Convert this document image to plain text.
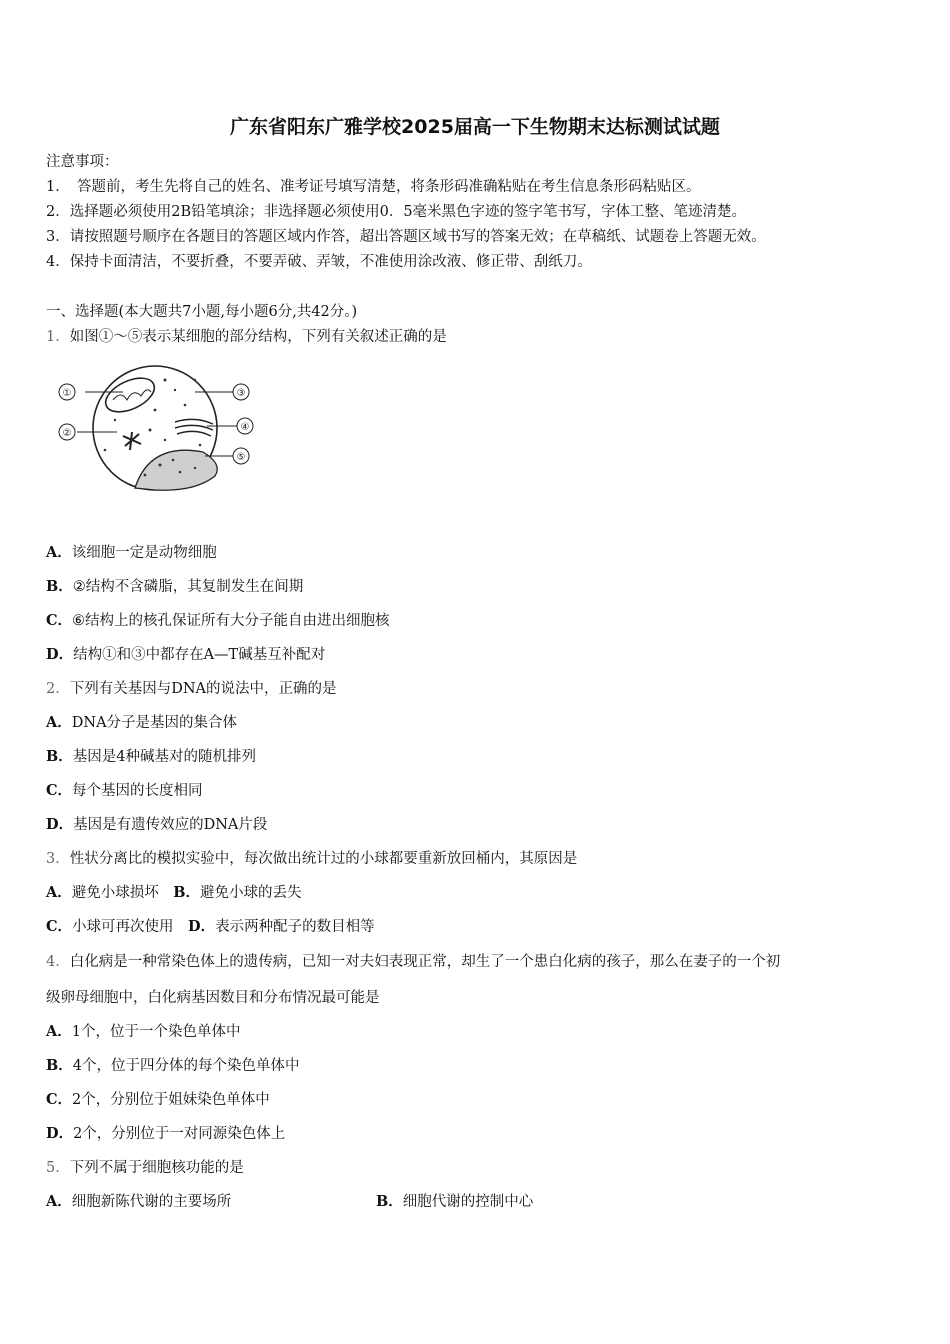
广东省阳东广雅学校2025届高一下生物期末达标测试试题
注意事项：
1．　答题前，考生先将自己的姓名、准考证号填写清楚，将条形码准确粘贴在考生信息条形码粘贴区。
2．选择题必须使用2B铅笔填涂；非选择题必须使用0．5毫米黑色字迹的签字笔书写，字体工整、笔迹清楚。
3．请按照题号顺序在各题目的答题区域内作答，超出答题区域书写的答案无效；在草稿纸、试题卷上答题无效。
4．保持卡面清洁，不要折叠，不要弄破、弄皱，不准使用涂改液、修正带、刮纸刀。
一、选择题(本大题共7小题,每小题6分,共42分。)
1．如图①～⑤表示某细胞的部分结构，下列有关叙述正确的是
①
②
③
④
⑤
A．该细胞一定是动物细胞
B．②结构不含磷脂，其复制发生在间期
C．⑥结构上的核孔保证所有大分子能自由进出细胞核
D．结构①和③中都存在A—T碱基互补配对
2．下列有关基因与DNA的说法中，正确的是
A．DNA分子是基因的集合体
B．基因是4种碱基对的随机排列
C．每个基因的长度相同
D．基因是有遗传效应的DNA片段
3．性状分离比的模拟实验中，每次做出统计过的小球都要重新放回桶内，其原因是
A．避免小球损坏　B．避免小球的丢失
C．小球可再次使用　D．表示两种配子的数目相等
4．白化病是一种常染色体上的遗传病，已知一对夫妇表现正常，却生了一个患白化病的孩子，那么在妻子的一个初
级卵母细胞中，白化病基因数目和分布情况最可能是
A．1个，位于一个染色单体中
B．4个，位于四分体的每个染色单体中
C．2个，分别位于姐妹染色单体中
D．2个，分别位于一对同源染色体上
5．下列不属于细胞核功能的是
A．细胞新陈代谢的主要场所	B．细胞代谢的控制中心
